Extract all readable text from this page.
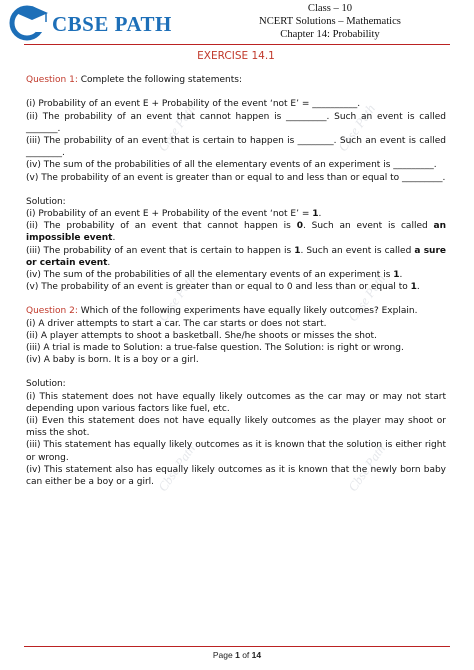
Cbse Path	Cbse Path
Cbse Path	Cbse Path
Cbse Path	Cbse Path
CBSE PATH
Class – 10
NCERT Solutions – Mathematics
Chapter 14: Probability
EXERCISE 14.1

Question 1: Complete the following statements:

(i) Probability of an event E + Probability of the event ‘not E’ = __________.

(ii) The probability of an event that cannot happen is _________. Such an event is called _______.

(iii) The probability of an event that is certain to happen is ________. Such an event is called ________.

(iv) The sum of the probabilities of all the elementary events of an experiment is _________.

(v) The probability of an event is greater than or equal to and less than or equal to _________.

Solution:

(i) Probability of an event E + Probability of the event ‘not E’ = 1.

(ii) The probability of an event that cannot happen is 0. Such an event is called an impossible event.

(iii) The probability of an event that is certain to happen is 1. Such an event is called a sure or certain event.

(iv) The sum of the probabilities of all the elementary events of an experiment is 1.

(v) The probability of an event is greater than or equal to 0 and less than or equal to 1.

Question 2: Which of the following experiments have equally likely outcomes? Explain.

(i) A driver attempts to start a car. The car starts or does not start.

(ii) A player attempts to shoot a basketball. She/he shoots or misses the shot.

(iii) A trial is made to Solution: a true-false question. The Solution: is right or wrong.

(iv) A baby is born. It is a boy or a girl.

Solution:

(i) This statement does not have equally likely outcomes as the car may or may not start depending upon various factors like fuel, etc.

(ii) Even this statement does not have equally likely outcomes as the player may shoot or miss the shot.

(iii) This statement has equally likely outcomes as it is known that the solution is either right or wrong.

(iv) This statement also has equally likely outcomes as it is known that the newly born baby can either be a boy or a girl.

Page 1 of 14
